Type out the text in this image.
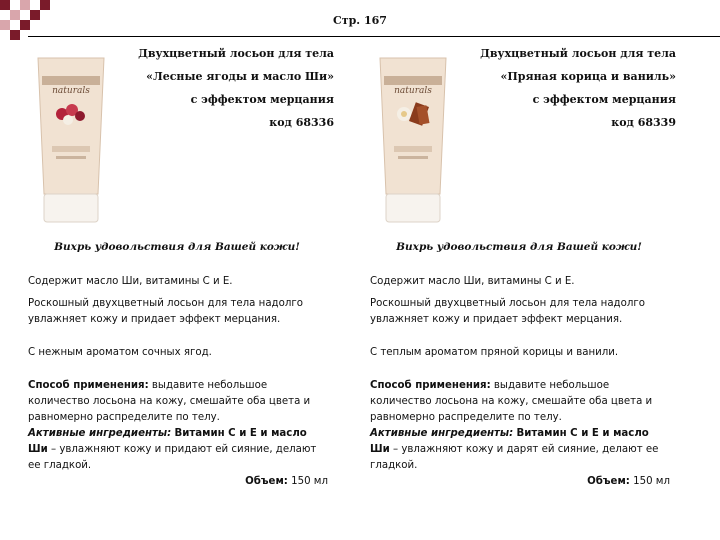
Стр. 167
naturals
Двухцветный лосьон для тела
«Лесные ягоды и масло Ши»
с эффектом мерцания
код 68336
Вихрь удовольствия для Вашей кожи!

Содержит масло Ши, витамины С и Е.

Роскошный двухцветный лосьон для тела надолго увлажняет кожу и придает эффект мерцания.

С нежным ароматом сочных ягод.

Способ применения: выдавите небольшое количество лосьона на кожу, смешайте оба цвета и равномерно распределите по телу.

Активные ингредиенты: Витамин С и Е и масло Ши – увлажняют кожу и придают ей сияние, делают ее гладкой.

Объем: 150 мл

naturals
Двухцветный лосьон для тела
«Пряная корица и ваниль»
с эффектом мерцания
код 68339
Вихрь удовольствия для Вашей кожи!

Содержит масло Ши, витамины С и Е.

Роскошный двухцветный лосьон для тела надолго увлажняет кожу и придает эффект мерцания.

С теплым ароматом пряной корицы и ванили.

Способ применения: выдавите небольшое количество лосьона на кожу, смешайте оба цвета и равномерно распределите по телу.

Активные ингредиенты: Витамин С и Е и масло Ши – увлажняют кожу и дарят ей сияние, делают ее гладкой.

Объем: 150 мл
